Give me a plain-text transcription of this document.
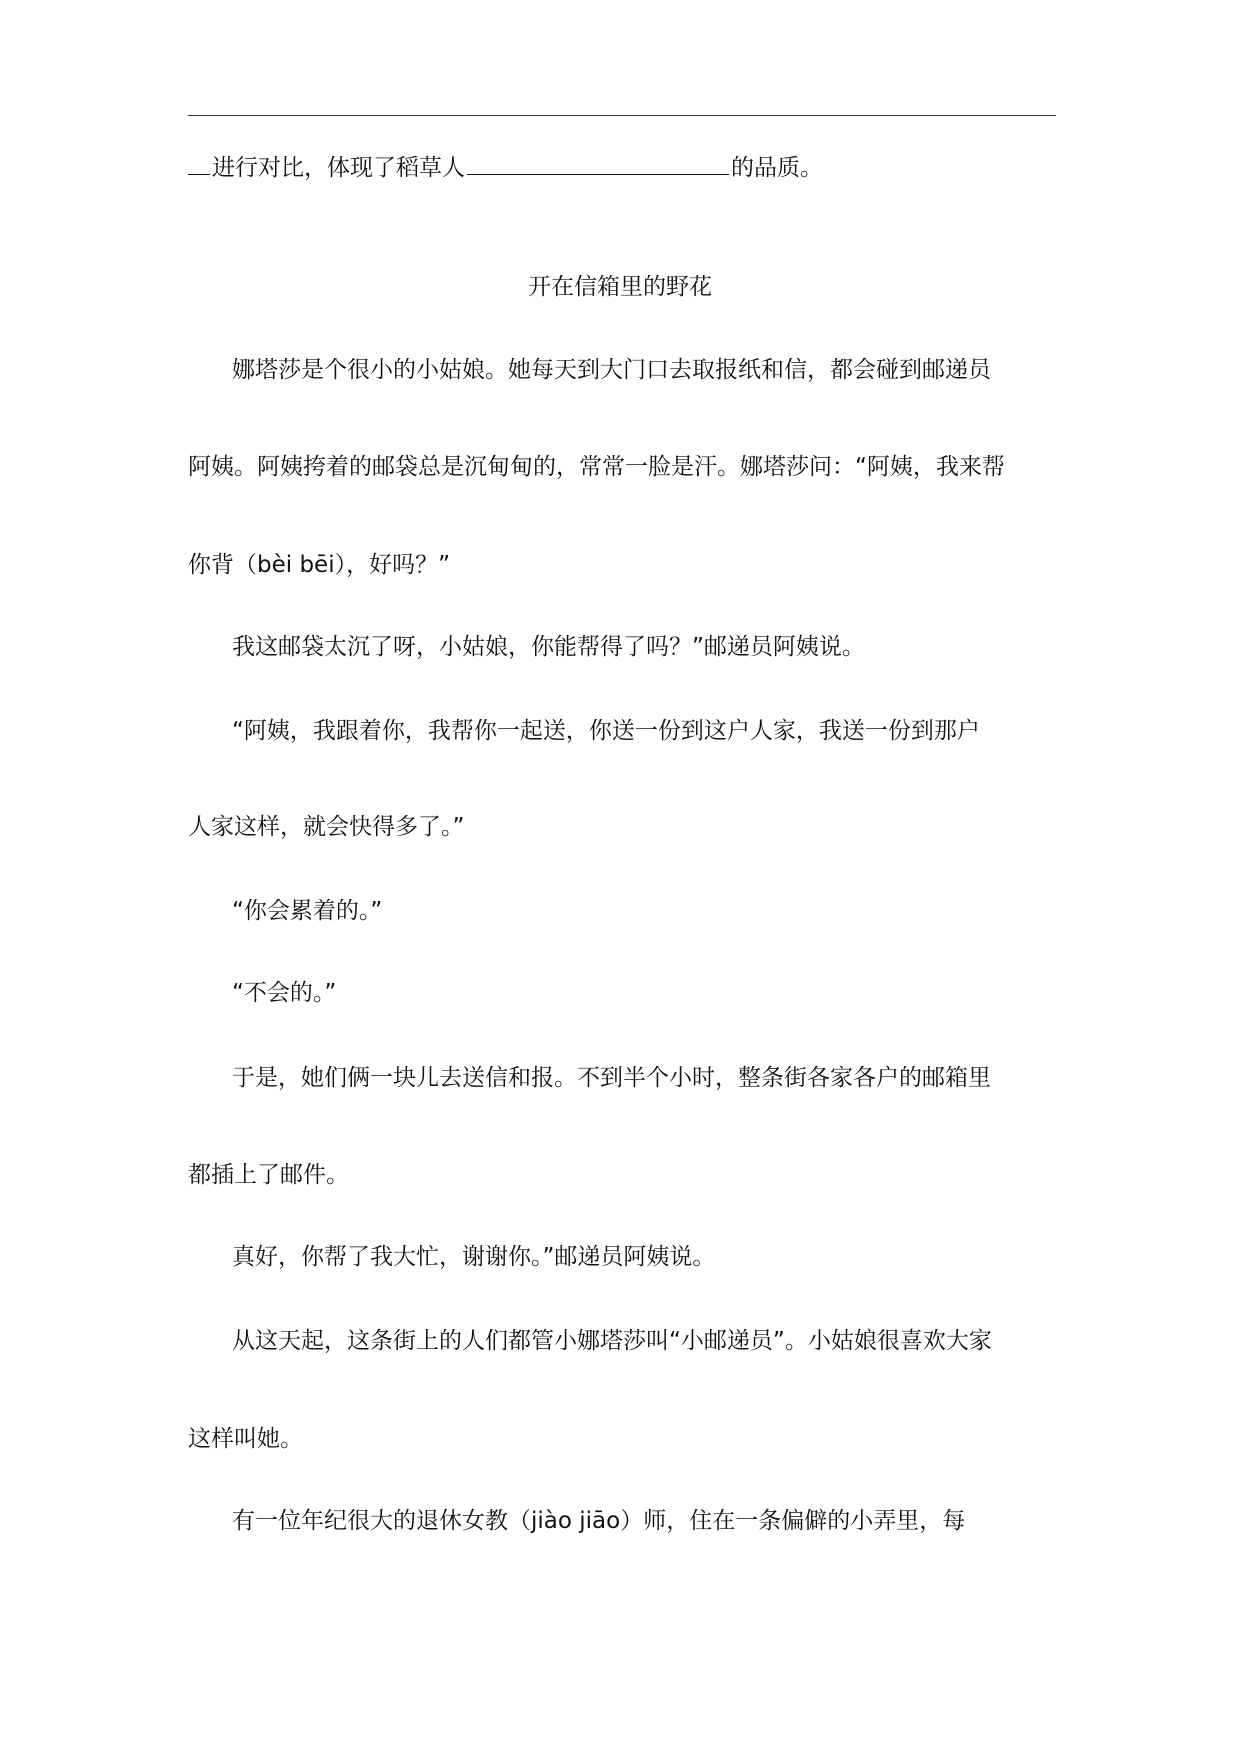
进行对比，体现了稻草人	的品质。
开在信箱里的野花
娜塔莎是个很小的小姑娘。她每天到大门口去取报纸和信，都会碰到邮递员
阿姨。阿姨挎着的邮袋总是沉甸甸的，常常一脸是汗。娜塔莎问：“阿姨，我来帮
你背（bèi bēi），好吗？”
我这邮袋太沉了呀，小姑娘，你能帮得了吗？”邮递员阿姨说。
“阿姨，我跟着你，我帮你一起送，你送一份到这户人家，我送一份到那户
人家这样，就会快得多了。”
“你会累着的。”
“不会的。”
于是，她们俩一块儿去送信和报。不到半个小时，整条街各家各户的邮箱里
都插上了邮件。
真好，你帮了我大忙，谢谢你。”邮递员阿姨说。
从这天起，这条街上的人们都管小娜塔莎叫“小邮递员”。小姑娘很喜欢大家
这样叫她。
有一位年纪很大的退休女教（jiào jiāo）师，住在一条偏僻的小弄里，每
